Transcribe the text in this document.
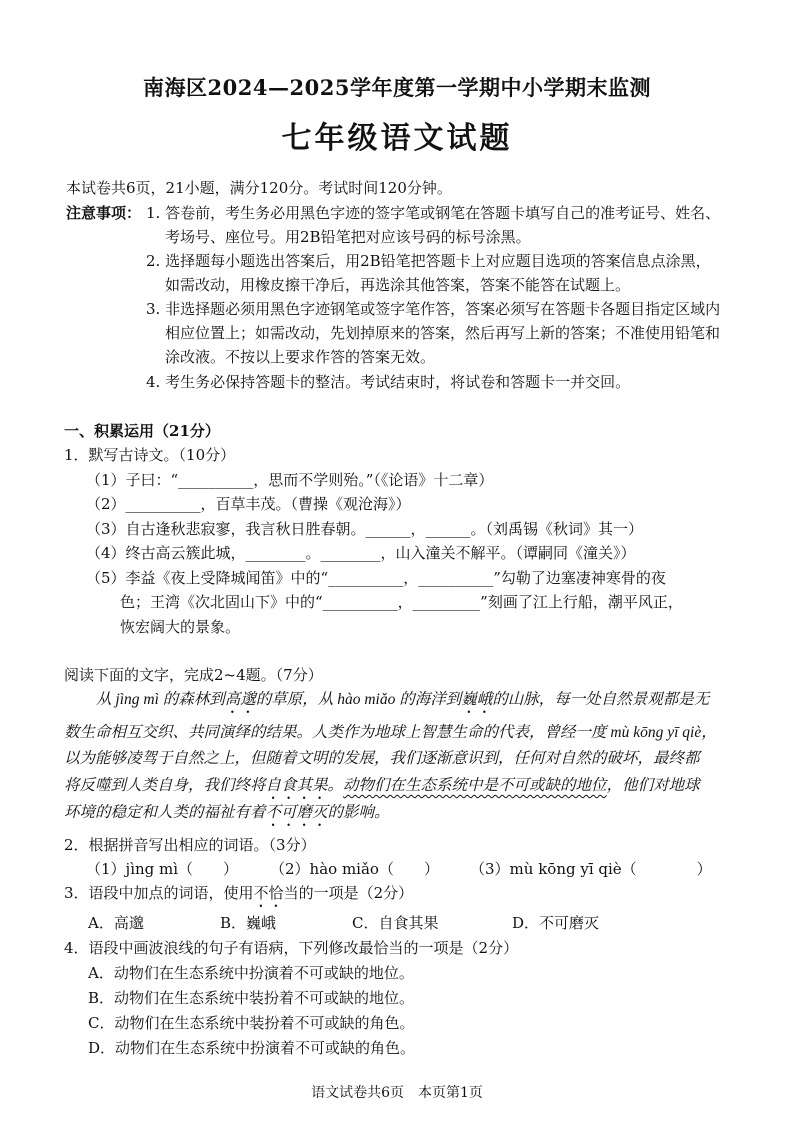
南海区2024—2025学年度第一学期中小学期末监测
七年级语文试题
本试卷共6页，21小题，满分120分。考试时间120分钟。
注意事项： 1. 答卷前，考生务必用黑色字迹的签字笔或钢笔在答题卡填写自己的准考证号、姓名、
考场号、座位号。用2B铅笔把对应该号码的标号涂黑。
2. 选择题每小题选出答案后，用2B铅笔把答题卡上对应题目选项的答案信息点涂黑，
如需改动，用橡皮擦干净后，再选涂其他答案，答案不能答在试题上。
3. 非选择题必须用黑色字迹钢笔或签字笔作答，答案必须写在答题卡各题目指定区域内
相应位置上；如需改动，先划掉原来的答案，然后再写上新的答案；不准使用铅笔和
涂改液。不按以上要求作答的答案无效。
4. 考生务必保持答题卡的整洁。考试结束时，将试卷和答题卡一并交回。
一、积累运用（21分）
1．默写古诗文。（10分）
（1）子曰：“__________，思而不学则殆。”（《论语》十二章）
（2）__________，百草丰茂。（曹操《观沧海》）
（3）自古逢秋悲寂寥，我言秋日胜春朝。______，______。（刘禹锡《秋词》其一）
（4）终古高云簇此城，________。________，山入潼关不解平。（谭嗣同《潼关》）
（5）李益《夜上受降城闻笛》中的“__________，__________”勾勒了边塞凄神寒骨的夜
色；王湾《次北固山下》中的“__________，_________”刻画了江上行船，潮平风正，
恢宏阔大的景象。
阅读下面的文字，完成2~4题。（7分）
从 jìng mì 的森林到高邈的草原，从 hào miǎo 的海洋到巍峨的山脉，每一处自然景观都是无
数生命相互交织、共同演绎的结果。人类作为地球上智慧生命的代表，曾经一度 mù kōng yī qiè，
以为能够凌驾于自然之上，但随着文明的发展，我们逐渐意识到，任何对自然的破坏，最终都
将反噬到人类自身，我们终将自食其果。动物们在生态系统中是不可或缺的地位，他们对地球
环境的稳定和人类的福祉有着不可磨灭的影响。
2．根据拼音写出相应的词语。（3分）
（1）jìng mì（　　） （2）hào miǎo（　　） （3）mù kōng yī qiè（　　　　）
3．语段中加点的词语，使用不恰当的一项是（2分）
A．高邈	B．巍峨	C．自食其果	D．不可磨灭
4．语段中画波浪线的句子有语病，下列修改最恰当的一项是（2分）
A．动物们在生态系统中扮演着不可或缺的地位。
B．动物们在生态系统中装扮着不可或缺的地位。
C．动物们在生态系统中装扮着不可或缺的角色。
D．动物们在生态系统中扮演着不可或缺的角色。
语文试卷共6页　本页第1页
